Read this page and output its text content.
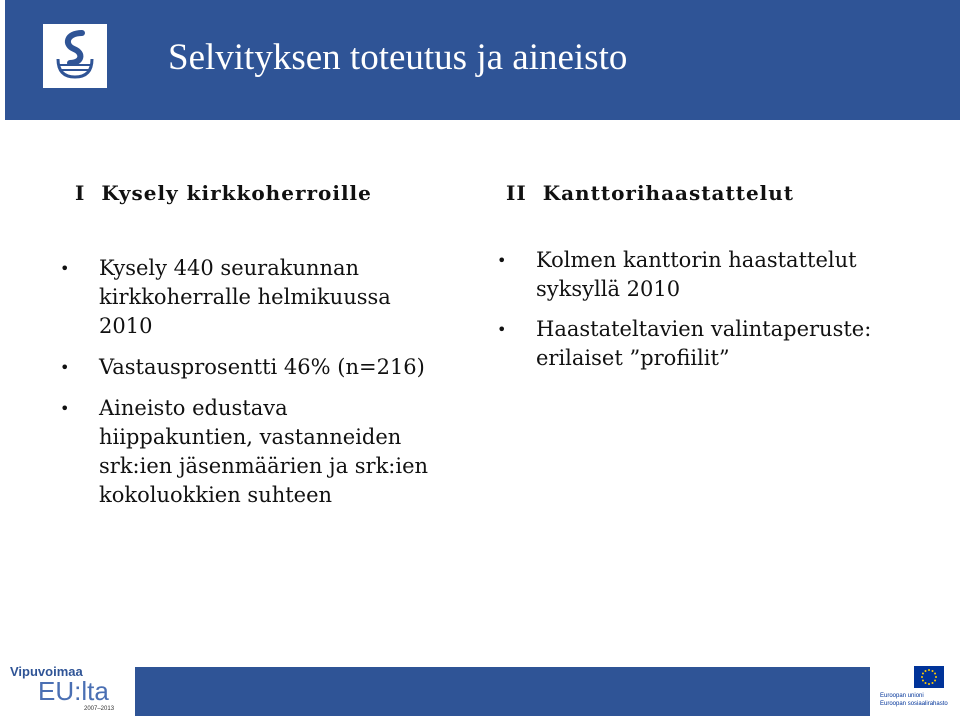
Selvityksen toteutus ja aineisto
I Kysely kirkkoherroille	II Kanttorihaastattelut
• Kysely 440 seurakunnan
kirkkoherralle helmikuussa
2010
• Vastausprosentti 46% (n=216)
• Aineisto edustava
hiippakuntien, vastanneiden
srk:ien jäsenmäärien ja srk:ien
kokoluokkien suhteen
• Kolmen kanttorin haastattelut
syksyllä 2010
• Haastateltavien valintaperuste:
erilaiset ”profiilit”
Vipuvoimaa
EU:lta
2007–2013
Euroopan unioni
Euroopan sosiaalirahasto
